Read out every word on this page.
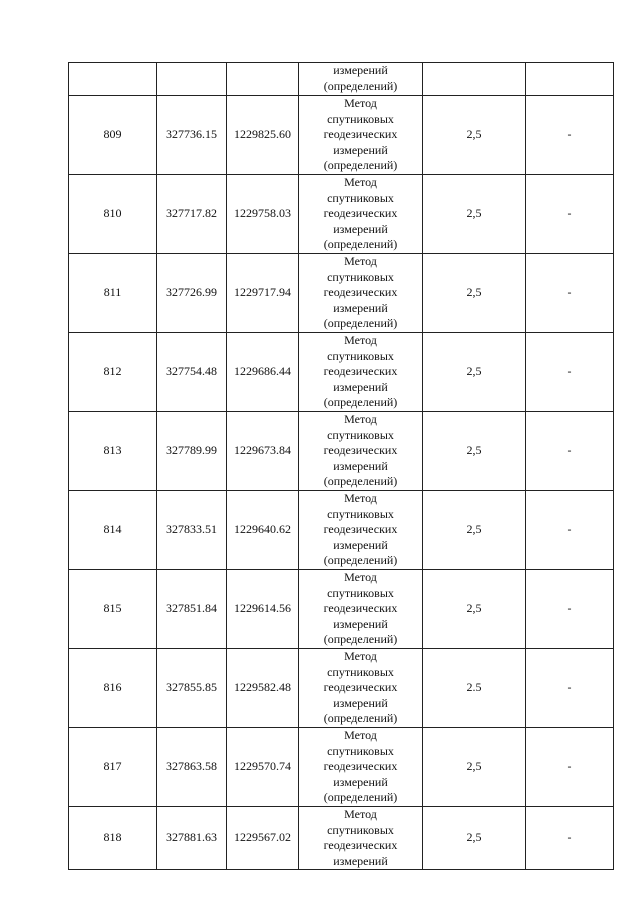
			измерений
(определений)		

809	327736.15	1229825.60	Метод
спутниковых
геодезических
измерений
(определений)	2,5	-
810	327717.82	1229758.03	Метод
спутниковых
геодезических
измерений
(определений)	2,5	-
811	327726.99	1229717.94	Метод
спутниковых
геодезических
измерений
(определений)	2,5	-
812	327754.48	1229686.44	Метод
спутниковых
геодезических
измерений
(определений)	2,5	-
813	327789.99	1229673.84	Метод
спутниковых
геодезических
измерений
(определений)	2,5	-
814	327833.51	1229640.62	Метод
спутниковых
геодезических
измерений
(определений)	2,5	-
815	327851.84	1229614.56	Метод
спутниковых
геодезических
измерений
(определений)	2,5	-
816	327855.85	1229582.48	Метод
спутниковых
геодезических
измерений
(определений)	2.5	-
817	327863.58	1229570.74	Метод
спутниковых
геодезических
измерений
(определений)	2,5	-
818	327881.63	1229567.02	Метод
спутниковых
геодезических
измерений	2,5	-
